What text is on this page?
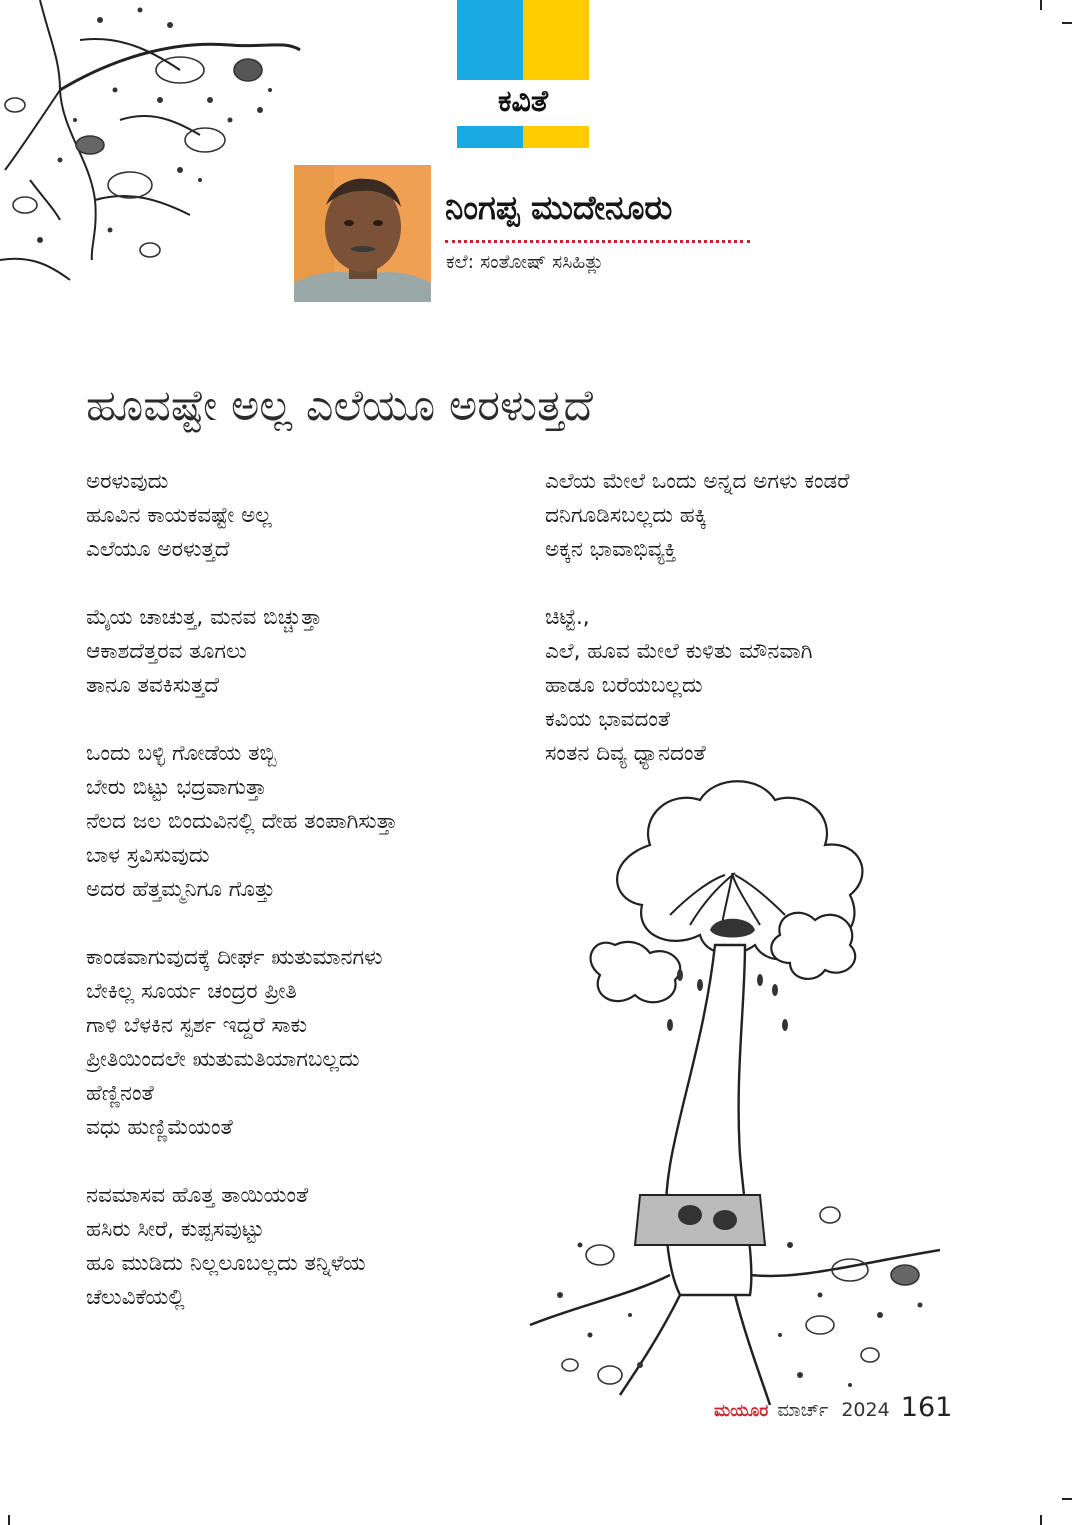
ಕವಿತೆ
ನಿಂಗಪ್ಪ ಮುದೇನೂರು
ಕಲೆ: ಸಂತೋಷ್ ಸಸಿಹಿತ್ಲು
ಹೂವಷ್ಟೇ ಅಲ್ಲ ಎಲೆಯೂ ಅರಳುತ್ತದೆ
ಅರಳುವುದು
ಹೂವಿನ ಕಾಯಕವಷ್ಟೇ ಅಲ್ಲ
ಎಲೆಯೂ ಅರಳುತ್ತದೆ
ಮೈಯ ಚಾಚುತ್ತ, ಮನವ ಬಿಚ್ಚುತ್ತಾ
ಆಕಾಶದೆತ್ತರವ ತೂಗಲು
ತಾನೂ ತವಕಿಸುತ್ತದೆ
ಒಂದು ಬಳ್ಳಿ ಗೋಡೆಯ ತಬ್ಬಿ
ಬೇರು ಬಿಟ್ಟು ಭದ್ರವಾಗುತ್ತಾ
ನೆಲದ ಜಲ ಬಿಂದುವಿನಲ್ಲಿ ದೇಹ ತಂಪಾಗಿಸುತ್ತಾ
ಬಾಳ ಸ್ರವಿಸುವುದು
ಅದರ ಹೆತ್ತಮ್ಮನಿಗೂ ಗೊತ್ತು
ಕಾಂಡವಾಗುವುದಕ್ಕೆ ದೀರ್ಘ ಋತುಮಾನಗಳು
ಬೇಕಿಲ್ಲ ಸೂರ್ಯ ಚಂದ್ರರ ಪ್ರೀತಿ
ಗಾಳಿ ಬೆಳಕಿನ ಸ್ಪರ್ಶ ಇದ್ದರೆ ಸಾಕು
ಪ್ರೀತಿಯಿಂದಲೇ ಋತುಮತಿಯಾಗಬಲ್ಲದು
ಹೆಣ್ಣಿನಂತೆ
ವಧು ಹುಣ್ಣಿಮೆಯಂತೆ
ನವಮಾಸವ ಹೊತ್ತ ತಾಯಿಯಂತೆ
ಹಸಿರು ಸೀರೆ, ಕುಪ್ಪಸವುಟ್ಟು
ಹೂ ಮುಡಿದು ನಿಲ್ಲಲೂಬಲ್ಲದು ತನ್ನಿಳೆಯ
ಚೆಲುವಿಕೆಯಲ್ಲಿ
ಎಲೆಯ ಮೇಲೆ ಒಂದು ಅನ್ನದ ಅಗಳು ಕಂಡರೆ
ದನಿಗೂಡಿಸಬಲ್ಲದು ಹಕ್ಕಿ
ಅಕ್ಕನ ಭಾವಾಭಿವ್ಯಕ್ತಿ
ಚಿಟ್ಟೆ.,
ಎಲೆ, ಹೂವ ಮೇಲೆ ಕುಳಿತು ಮೌನವಾಗಿ
ಹಾಡೂ ಬರೆಯಬಲ್ಲದು
ಕವಿಯ ಭಾವದಂತೆ
ಸಂತನ ದಿವ್ಯ ಧ್ಯಾನದಂತೆ
ಮಯೂರ ಮಾರ್ಚ್ 2024 161
